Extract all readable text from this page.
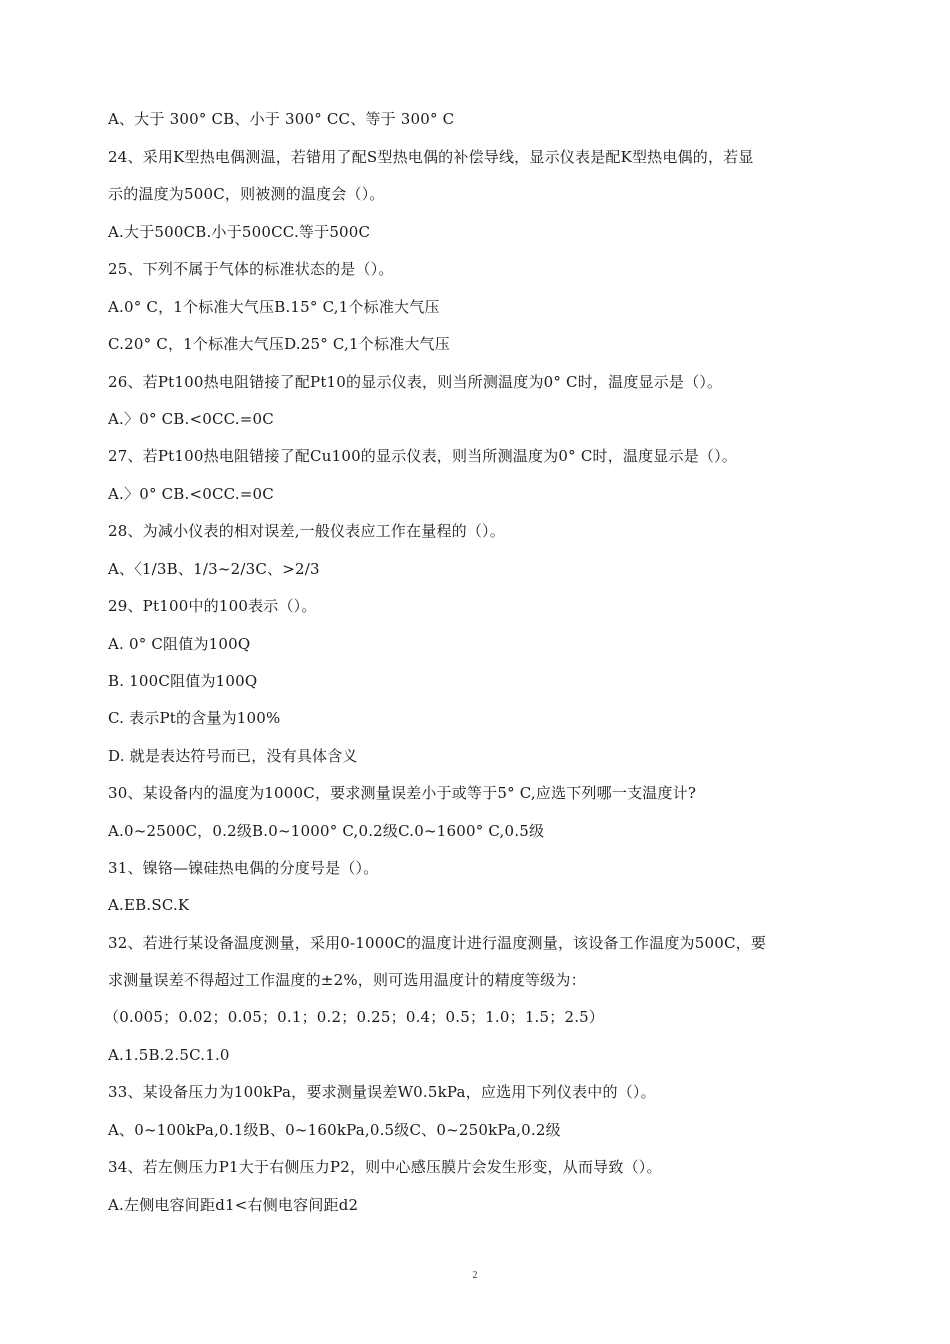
A、大于 300° CB、小于 300° CC、等于 300° C
24、采用K型热电偶测温，若错用了配S型热电偶的补偿导线，显示仪表是配K型热电偶的，若显
示的温度为500C，则被测的温度会（）。
A.大于500CB.小于500CC.等于500C
25、下列不属于气体的标准状态的是（）。
A.0° C，1个标准大气压B.15° C,1个标准大气压
C.20° C，1个标准大气压D.25° C,1个标准大气压
26、若Pt100热电阻错接了配Pt10的显示仪表，则当所测温度为0° C时，温度显示是（）。
A.〉0° CB.<0CC.=0C
27、若Pt100热电阻错接了配Cu100的显示仪表，则当所测温度为0° C时，温度显示是（）。
A.〉0° CB.<0CC.=0C
28、为减小仪表的相对误差,一般仪表应工作在量程的（）。
A、〈1/3B、1/3~2/3C、>2/3
29、Pt100中的100表示（）。
A. 0° C阻值为100Q
B. 100C阻值为100Q
C. 表示Pt的含量为100%
D. 就是表达符号而已，没有具体含义
30、某设备内的温度为1000C，要求测量误差小于或等于5° C,应选下列哪一支温度计?
A.0~2500C，0.2级B.0~1000° C,0.2级C.0~1600° C,0.5级
31、镍铬—镍硅热电偶的分度号是（）。
A.EB.SC.K
32、若进行某设备温度测量，采用0-1000C的温度计进行温度测量，该设备工作温度为500C，要
求测量误差不得超过工作温度的±2%，则可选用温度计的精度等级为：
（0.005；0.02；0.05；0.1；0.2；0.25；0.4；0.5；1.0；1.5；2.5）
A.1.5B.2.5C.1.0
33、某设备压力为100kPa，要求测量误差W0.5kPa，应选用下列仪表中的（）。
A、0~100kPa,0.1级B、0~160kPa,0.5级C、0~250kPa,0.2级
34、若左侧压力P1大于右侧压力P2，则中心感压膜片会发生形变，从而导致（）。
A.左侧电容间距d1<右侧电容间距d2
2
